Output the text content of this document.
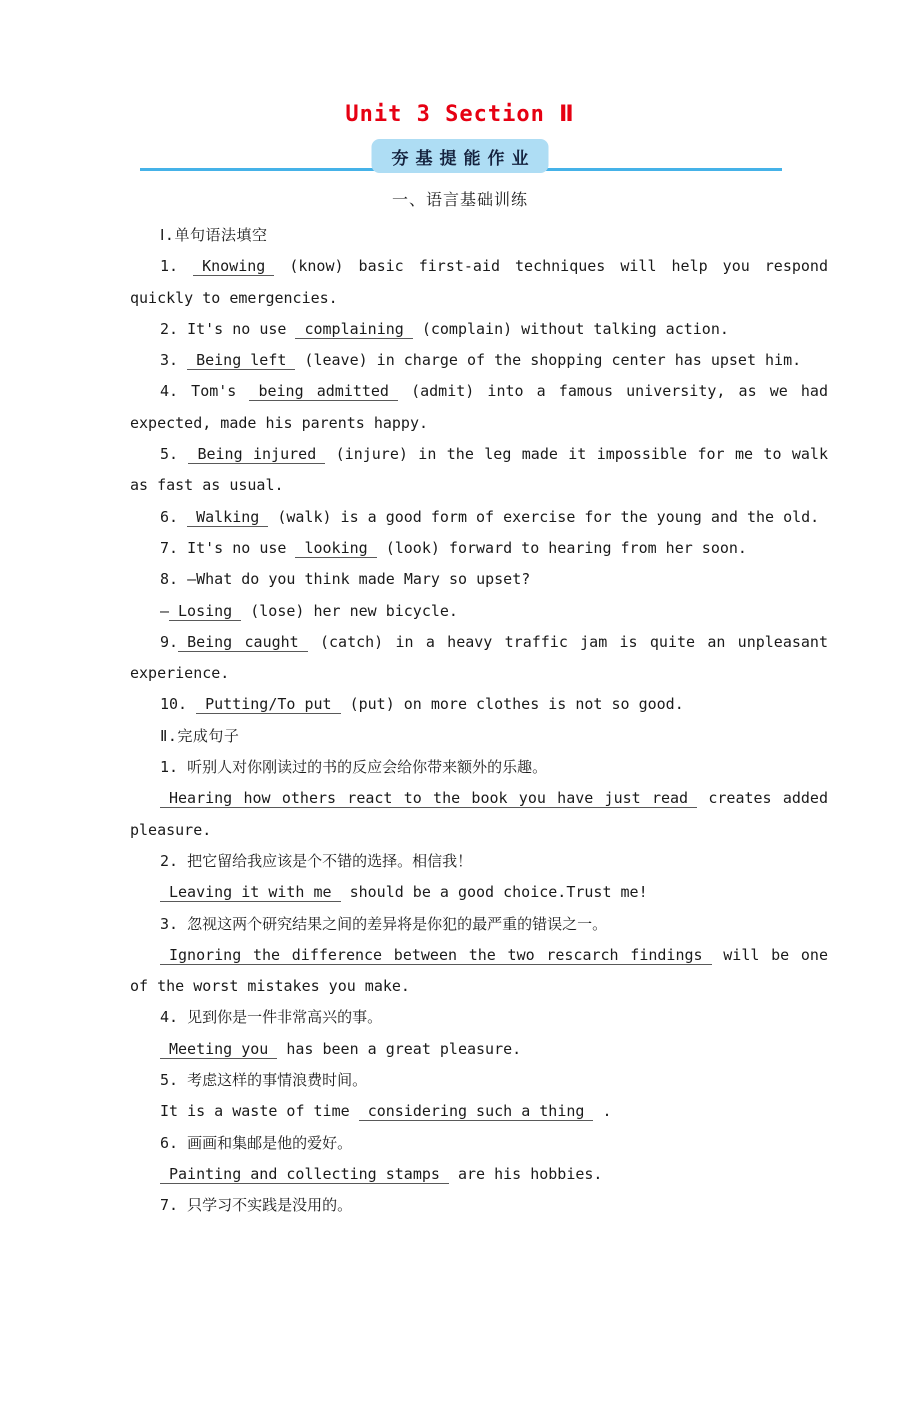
Unit 3 Section Ⅱ
夯基提能作业
一、语言基础训练

Ⅰ.单句语法填空

1. Knowing (know) basic first-aid techniques will help you respond quickly to emergencies.

2. It's no use complaining (complain) without talking action.

3. Being left (leave) in charge of the shopping center has upset him.

4. Tom's being admitted (admit) into a famous university, as we had expected, made his parents happy.

5. Being injured (injure) in the leg made it impossible for me to walk as fast as usual.

6. Walking (walk) is a good form of exercise for the young and the old.

7. It's no use looking (look) forward to hearing from her soon.

8. —What do you think made Mary so upset?

— Losing (lose) her new bicycle.

9. Being caught (catch) in a heavy traffic jam is quite an unpleasant experience.

10. Putting/To put (put) on more clothes is not so good.

Ⅱ.完成句子

1. 听别人对你刚读过的书的反应会给你带来额外的乐趣。

Hearing how others react to the book you have just read creates added pleasure.

2. 把它留给我应该是个不错的选择。相信我！

Leaving it with me should be a good choice.Trust me!

3. 忽视这两个研究结果之间的差异将是你犯的最严重的错误之一。

Ignoring the difference between the two rescarch findings will be one of the worst mistakes you make.

4. 见到你是一件非常高兴的事。

Meeting you has been a great pleasure.

5. 考虑这样的事情浪费时间。

It is a waste of time considering such a thing .

6. 画画和集邮是他的爱好。

Painting and collecting stamps are his hobbies.

7. 只学习不实践是没用的。
